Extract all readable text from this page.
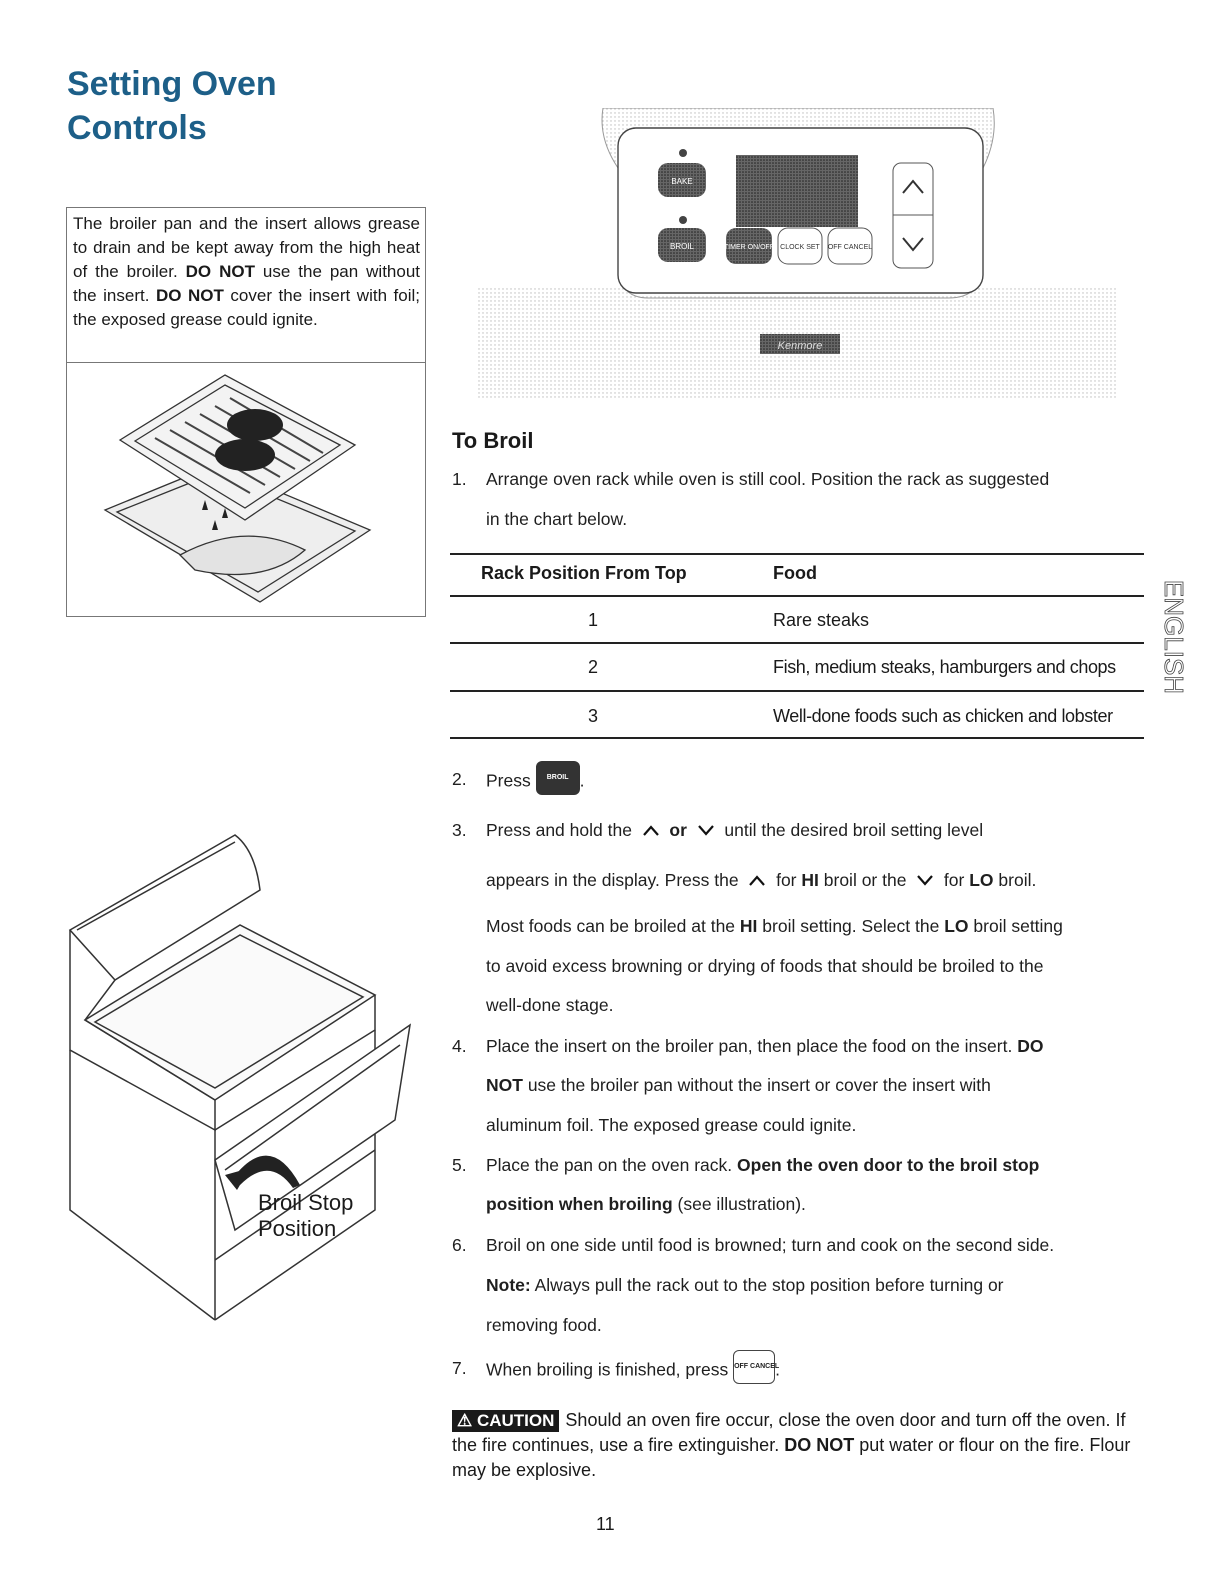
Setting Oven
Controls
The broiler pan and the insert allows grease to drain and be kept away from the high heat of the broiler. DO NOT use the pan without the insert. DO NOT cover the insert with foil; the exposed grease could ignite.
BAKE
BROIL	TIMER ON/OFF CLOCK SET OFF CANCEL
Kenmore
To Broil
1. Arrange oven rack while oven is still cool. Position the rack as suggested
in the chart below.
Rack Position From Top	Food
1	Rare steaks
2	Fish, medium steaks, hamburgers and chops
3	Well-done foods such as chicken and lobster
ENGLISH
2. Press BROIL .
3. Press and hold the or until the desired broil setting level
appears in the display. Press the for HI broil or the for LO broil.
Most foods can be broiled at the HI broil setting. Select the LO broil setting
to avoid excess browning or drying of foods that should be broiled to the
well-done stage.
4. Place the insert on the broiler pan, then place the food on the insert. DO
NOT use the broiler pan without the insert or cover the insert with
aluminum foil. The exposed grease could ignite.
5. Place the pan on the oven rack. Open the oven door to the broil stop
position when broiling (see illustration).
6. Broil on one side until food is browned; turn and cook on the second side.
Note: Always pull the rack out to the stop position before turning or
removing food.
7. When broiling is finished, press OFF CANCEL.
Broil Stop
Position
⚠ CAUTION Should an oven fire occur, close the oven door and turn off the oven. If the fire continues, use a fire extinguisher. DO NOT put water or flour on the fire. Flour may be explosive.
11
